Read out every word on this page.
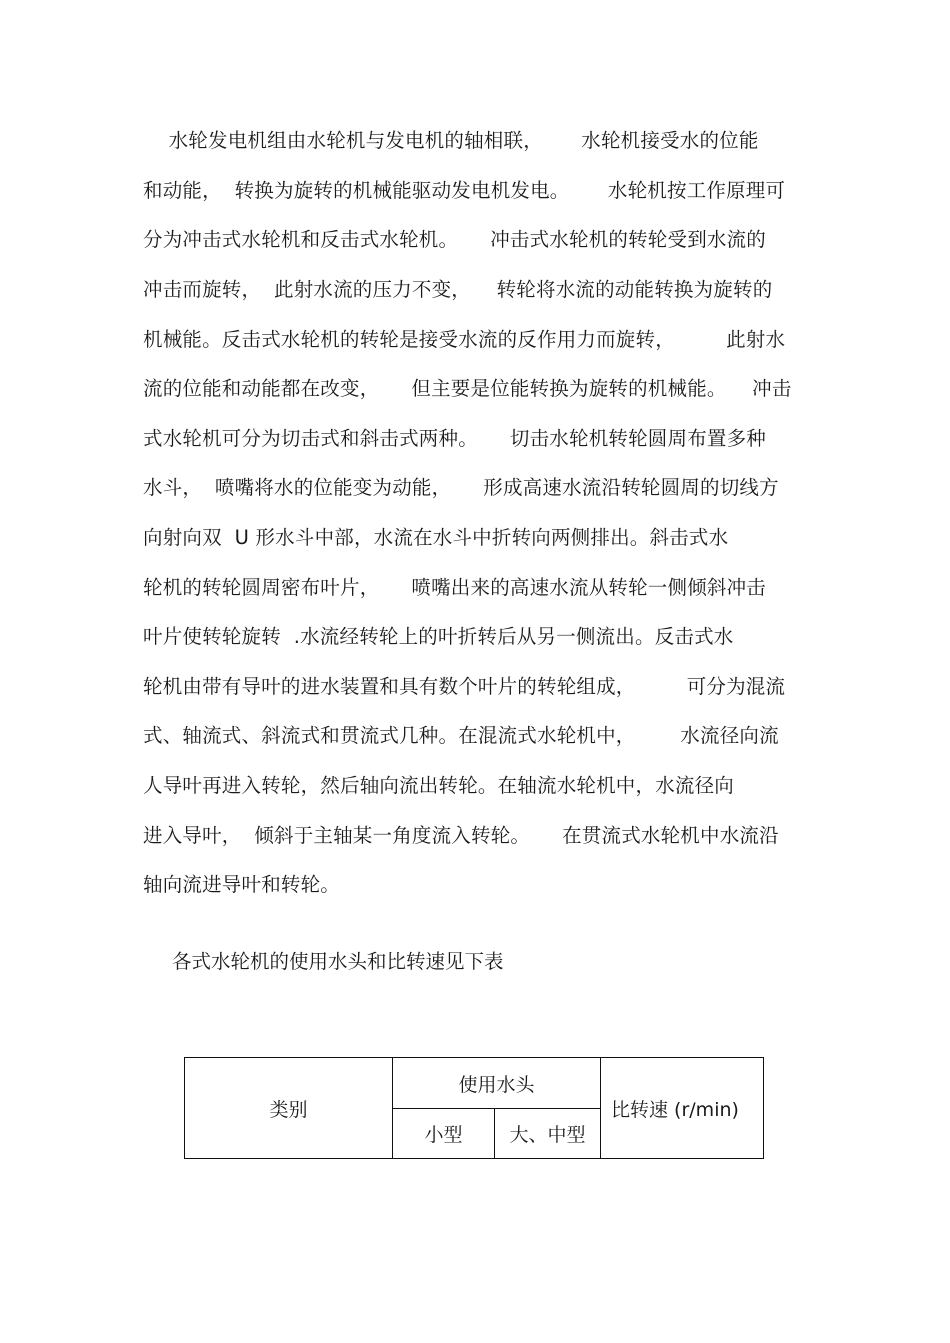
水轮发电机组由水轮机与发电机的轴相联，      水轮机接受水的位能
和动能，  转换为旋转的机械能驱动发电机发电。      水轮机按工作原理可
分为冲击式水轮机和反击式水轮机。     冲击式水轮机的转轮受到水流的
冲击而旋转，  此射水流的压力不变，    转轮将水流的动能转换为旋转的
机械能。反击式水轮机的转轮是接受水流的反作用力而旋转，        此射水
流的位能和动能都在改变，     但主要是位能转换为旋转的机械能。    冲击
式水轮机可分为切击式和斜击式两种。     切击水轮机转轮圆周布置多种
水斗，  喷嘴将水的位能变为动能，     形成高速水流沿转轮圆周的切线方
向射向双  U 形水斗中部，水流在水斗中折转向两侧排出。斜击式水
轮机的转轮圆周密布叶片，     喷嘴出来的高速水流从转轮一侧倾斜冲击
叶片使转轮旋转  .水流经转轮上的叶折转后从另一侧流出。反击式水
轮机由带有导叶的进水装置和具有数个叶片的转轮组成，        可分为混流
式、轴流式、斜流式和贯流式几种。在混流式水轮机中，       水流径向流
人导叶再进入转轮，然后轴向流出转轮。在轴流水轮机中，水流径向
进入导叶，  倾斜于主轴某一角度流入转轮。     在贯流式水轮机中水流沿
轴向流进导叶和转轮。
各式水轮机的使用水头和比转速见下表
类别	使用水头		比转速 (r/min)
	小型	大、中型	
